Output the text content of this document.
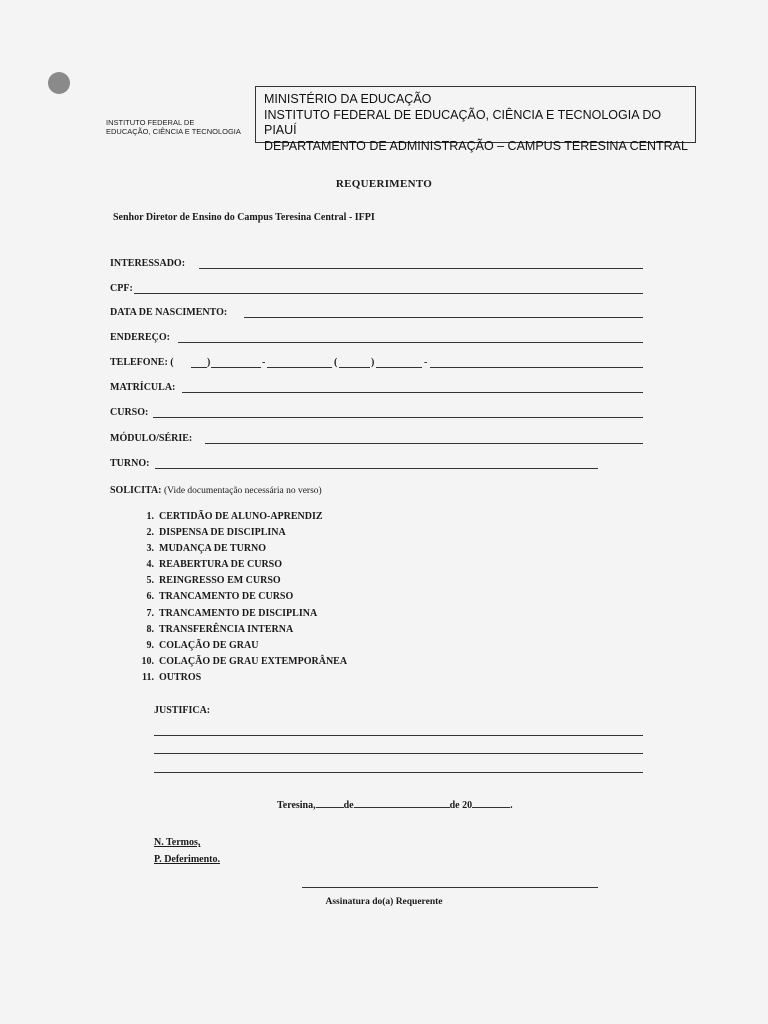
INSTITUTO FEDERAL DE
EDUCAÇÃO, CIÊNCIA E TECNOLOGIA
MINISTÉRIO DA EDUCAÇÃO
INSTITUTO FEDERAL DE EDUCAÇÃO, CIÊNCIA E TECNOLOGIA DO PIAUÍ
DEPARTAMENTO DE ADMINISTRAÇÃO – CAMPUS TERESINA CENTRAL
REQUERIMENTO
Senhor Diretor de Ensino do Campus Teresina Central - IFPI
INTERESSADO:
CPF:
DATA DE NASCIMENTO:
ENDEREÇO:
TELEFONE: (	)	-	(	)	-
MATRÍCULA:
CURSO:
MÓDULO/SÉRIE:
TURNO:
SOLICITA: (Vide documentação necessária no verso)
1. CERTIDÃO DE ALUNO-APRENDIZ
2. DISPENSA DE DISCIPLINA
3. MUDANÇA DE TURNO
4. REABERTURA DE CURSO
5. REINGRESSO EM CURSO
6. TRANCAMENTO DE CURSO
7. TRANCAMENTO DE DISCIPLINA
8. TRANSFERÊNCIA INTERNA
9. COLAÇÃO DE GRAU
10. COLAÇÃO DE GRAU EXTEMPORÂNEA
11. OUTROS
JUSTIFICA:
Teresina,	de	de 20	.
N. Termos,
P. Deferimento.
Assinatura do(a) Requerente
